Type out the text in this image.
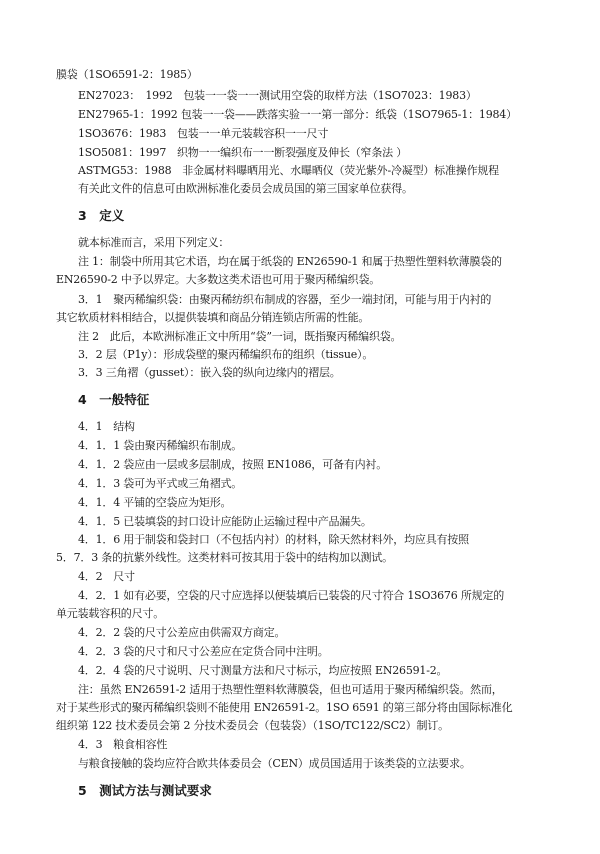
膜袋（1SO6591-2：1985）
EN27023：　1992　包装一一袋一一测试用空袋的取样方法（1SO7023：1983）
EN27965-1：1992 包装一一袋——跌落实验一一第一部分：纸袋（1SO7965-1：1984）
1SO3676：1983　包装一一单元装载容积一一尺寸
1SO5081：1997　织物一一编织布一一断裂强度及伸长（窄条法 ）
ASTMG53：1988　非金属材料曝晒用光、水曝晒仪（荧光紫外-冷凝型）标准操作规程
有关此文件的信息可由欧洲标准化委员会成员国的第三国家单位获得。
3　定义
就本标准而言，采用下列定义：
注 1：制袋中所用其它术语，均在属于纸袋的 EN26590-1 和属于热塑性塑料软薄膜袋的
EN26590-2 中予以界定。大多数这类术语也可用于聚丙稀编织袋。
3．1　聚丙稀编织袋：由聚丙稀纺织布制成的容器，至少一端封闭，可能与用于内衬的
其它软质材料相结合，以提供装填和商品分销连锁店所需的性能。
注 2　此后，本欧洲标准正文中所用“袋”一词，既指聚丙稀编织袋。
3．2 层（P1y）：形成袋壁的聚丙稀编织布的组织（tissue）。
3．3 三角褶（gusset）：嵌入袋的纵向边缘内的褶层。
4　一般特征
4．1　结构
4．1．1 袋由聚丙稀编织布制成。
4．1．2 袋应由一层或多层制成，按照 EN1086，可备有内衬。
4．1．3 袋可为平式或三角褶式。
4．1．4 平铺的空袋应为矩形。
4．1．5 已装填袋的封口设计应能防止运输过程中产品漏失。
4．1．6 用于制袋和袋封口（不包括内衬）的材料，除天然材料外，均应具有按照
5．7．3 条的抗紫外线性。这类材料可按其用于袋中的结构加以测试。
4．2　尺寸
4．2．1 如有必要，空袋的尺寸应选择以便装填后已装袋的尺寸符合 1SO3676 所规定的
单元装载容积的尺寸。
4．2．2 袋的尺寸公差应由供需双方商定。
4．2．3 袋的尺寸和尺寸公差应在定货合同中注明。
4．2．4 袋的尺寸说明、尺寸测量方法和尺寸标示，均应按照 EN26591-2。
注：虽然 EN26591-2 适用于热塑性塑料软薄膜袋，但也可适用于聚丙稀编织袋。然而，
对于某些形式的聚丙稀编织袋则不能使用 EN26591-2。1SO 6591 的第三部分将由国际标准化
组织第 122 技术委员会第 2 分技术委员会（包装袋）（1SO/TC122/SC2）制订。
4．3　粮食相容性
与粮食接触的袋均应符合欧共体委员会（CEN）成员国适用于该类袋的立法要求。
5　测试方法与测试要求
